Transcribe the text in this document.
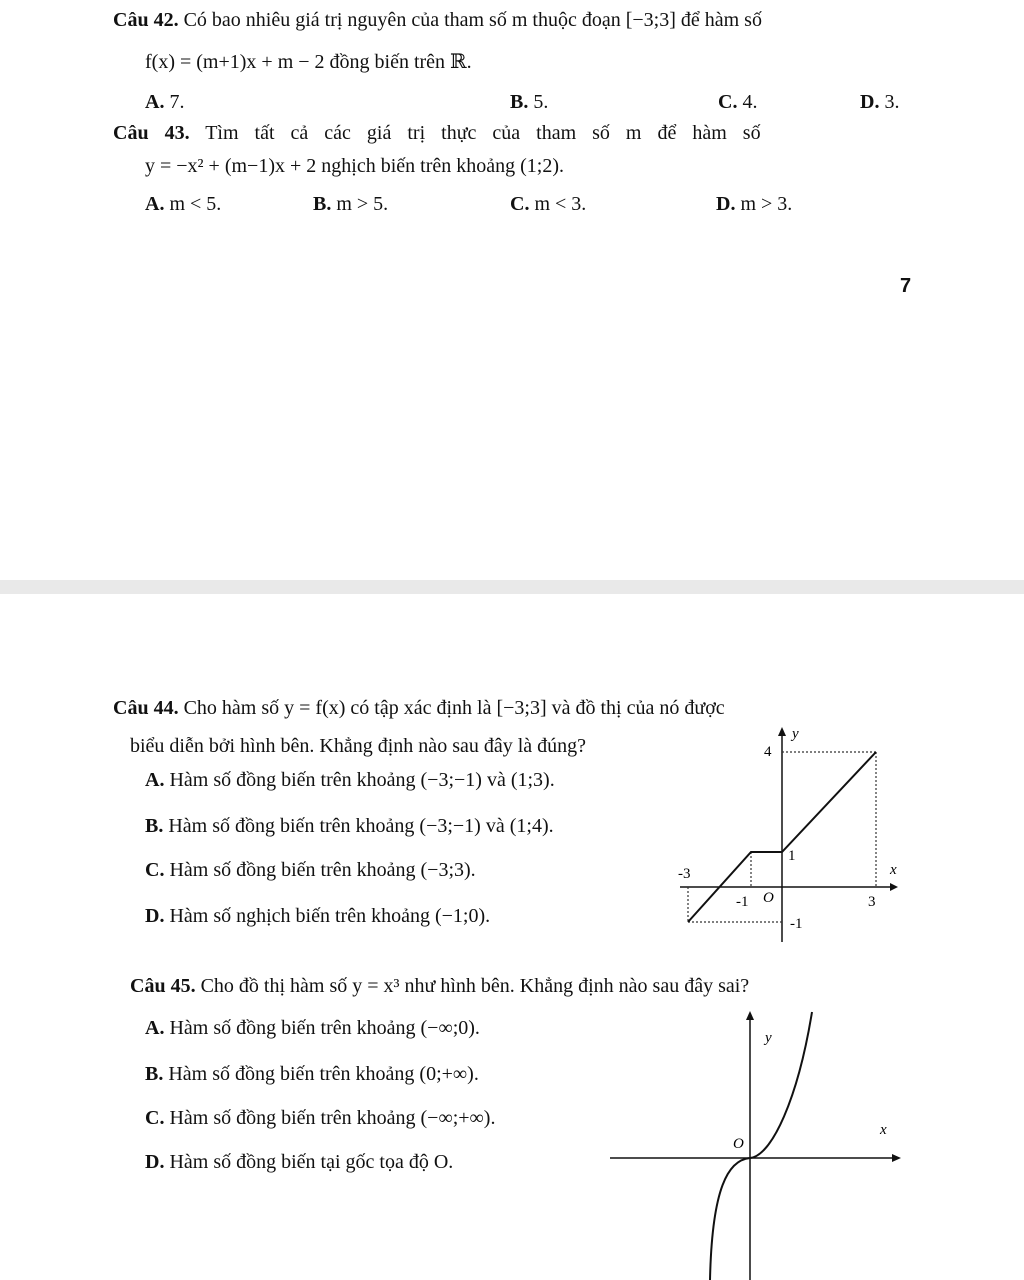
Câu 42. Có bao nhiêu giá trị nguyên của tham số m thuộc đoạn [−3;3] để hàm số
f(x) = (m+1)x + m − 2 đồng biến trên ℝ.
A. 7.	B. 5.	C. 4.	D. 3.
Câu 43. Tìm tất cả các giá trị thực của tham số m để hàm số
y = −x² + (m−1)x + 2 nghịch biến trên khoảng (1;2).
A. m < 5.	B. m > 5.	C. m < 3.	D. m > 3.
7
Câu 44. Cho hàm số y = f(x) có tập xác định là [−3;3] và đồ thị của nó được
biểu diễn bởi hình bên. Khẳng định nào sau đây là đúng?
A. Hàm số đồng biến trên khoảng (−3;−1) và (1;3).
B. Hàm số đồng biến trên khoảng (−3;−1) và (1;4).
C. Hàm số đồng biến trên khoảng (−3;3).
D. Hàm số nghịch biến trên khoảng (−1;0).
y
4
1
-3
-1 O	3
-1
x
Câu 45. Cho đồ thị hàm số y = x³ như hình bên. Khẳng định nào sau đây sai?
A. Hàm số đồng biến trên khoảng (−∞;0).
B. Hàm số đồng biến trên khoảng (0;+∞).
C. Hàm số đồng biến trên khoảng (−∞;+∞).
D. Hàm số đồng biến tại gốc tọa độ O.
y
O
x
